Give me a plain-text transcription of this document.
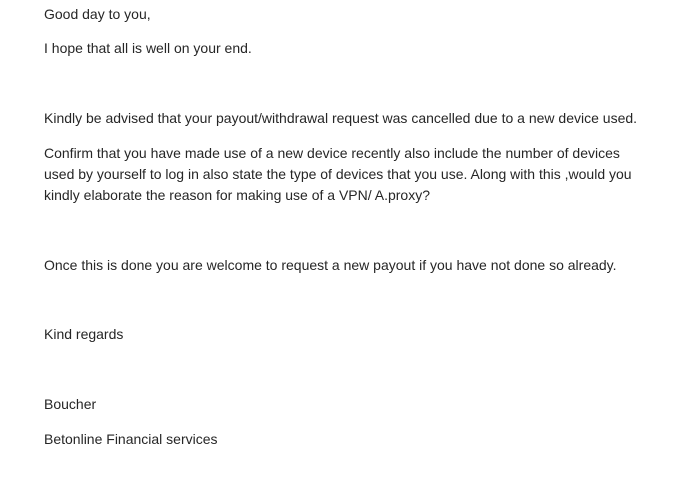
Good day to you,

I hope that all is well on your end.

Kindly be advised that your payout/withdrawal request was cancelled due to a new device used.

Confirm that you have made use of a new device recently also include the number of devices
used by yourself to log in also state the type of devices that you use. Along with this ,would you
kindly elaborate the reason for making use of a VPN/ A.proxy?

Once this is done you are welcome to request a new payout if you have not done so already.

Kind regards

Boucher

Betonline Financial services
